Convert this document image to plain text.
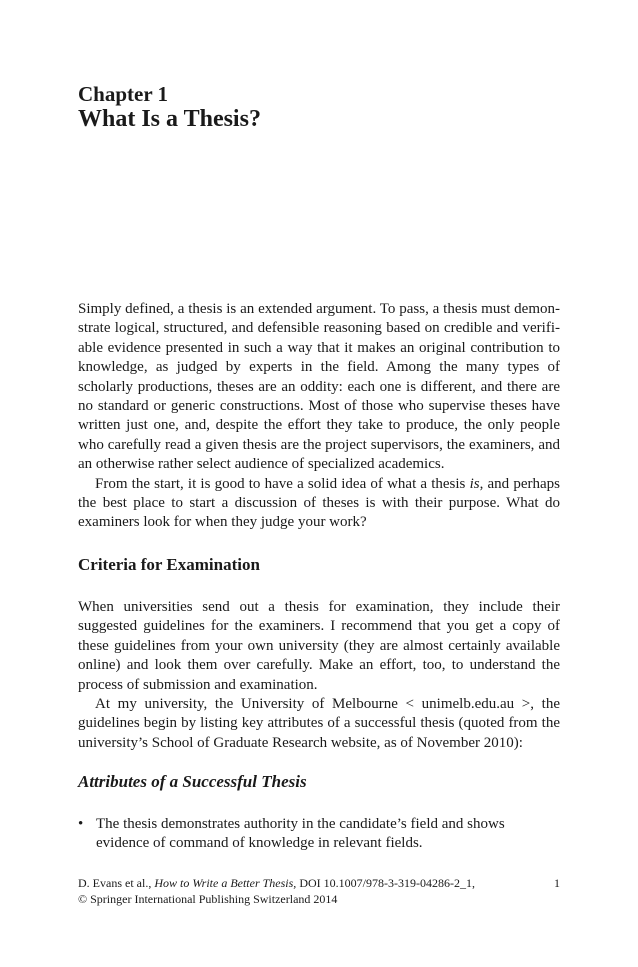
Chapter 1
What Is a Thesis?

Simply defined, a thesis is an extended argument. To pass, a thesis must demonstrate logical, structured, and defensible reasoning based on credible and verifiable evidence presented in such a way that it makes an original contribution to knowledge, as judged by experts in the field. Among the many types of scholarly productions, theses are an oddity: each one is different, and there are no standard or generic constructions. Most of those who supervise theses have written just one, and, despite the effort they take to produce, the only people who carefully read a given thesis are the project supervisors, the examiners, and an otherwise rather select audience of specialized academics.

From the start, it is good to have a solid idea of what a thesis is, and perhaps the best place to start a discussion of theses is with their purpose. What do examiners look for when they judge your work?

Criteria for Examination

When universities send out a thesis for examination, they include their suggested guidelines for the examiners. I recommend that you get a copy of these guidelines from your own university (they are almost certainly available online) and look them over carefully. Make an effort, too, to understand the process of submission and examination.

At my university, the University of Melbourne < unimelb.edu.au >, the guidelines begin by listing key attributes of a successful thesis (quoted from the university’s School of Graduate Research website, as of November 2010):

Attributes of a Successful Thesis
• The thesis demonstrates authority in the candidate’s field and shows evidence of command of knowledge in relevant fields.

D. Evans et al., How to Write a Better Thesis, DOI 10.1007/978-3-319-04286-2_1,	1

© Springer International Publishing Switzerland 2014
